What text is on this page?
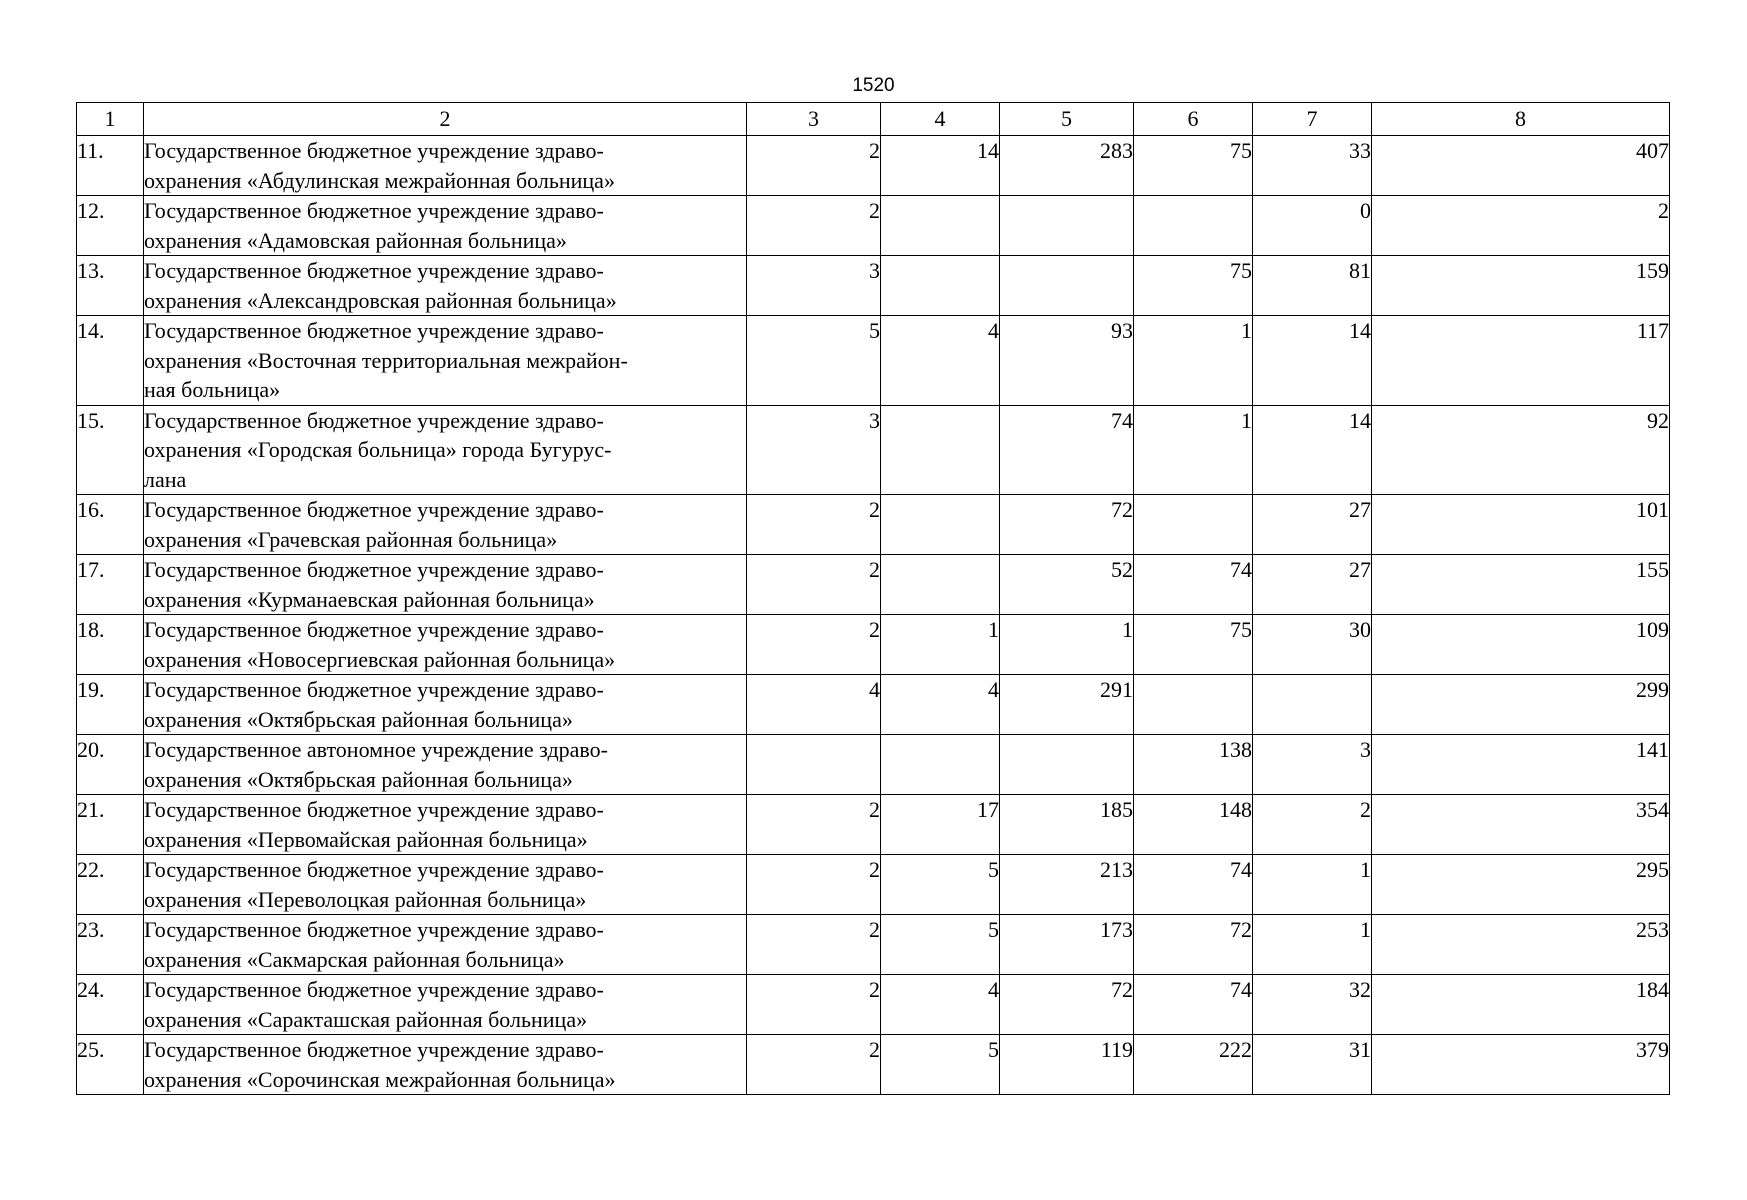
1520
1	2	3	4	5	6	7	8
11.	Государственное бюджетное учреждение здраво-
охранения «Абдулинская межрайонная больница»	2	14	283	75	33	407
12.	Государственное бюджетное учреждение здраво-
охранения «Адамовская районная больница»	2				0	2
13.	Государственное бюджетное учреждение здраво-
охранения «Александровская районная больница»	3			75	81	159
14.	Государственное бюджетное учреждение здраво-
охранения «Восточная территориальная межрайон-
ная больница»	5	4	93	1	14	117
15.	Государственное бюджетное учреждение здраво-
охранения «Городская больница» города Бугурус-
лана	3		74	1	14	92
16.	Государственное бюджетное учреждение здраво-
охранения «Грачевская районная больница»	2		72		27	101
17.	Государственное бюджетное учреждение здраво-
охранения «Курманаевская районная больница»	2		52	74	27	155
18.	Государственное бюджетное учреждение здраво-
охранения «Новосергиевская районная больница»	2	1	1	75	30	109
19.	Государственное бюджетное учреждение здраво-
охранения «Октябрьская районная больница»	4	4	291			299
20.	Государственное автономное учреждение здраво-
охранения «Октябрьская районная больница»				138	3	141
21.	Государственное бюджетное учреждение здраво-
охранения «Первомайская районная больница»	2	17	185	148	2	354
22.	Государственное бюджетное учреждение здраво-
охранения «Переволоцкая районная больница»	2	5	213	74	1	295
23.	Государственное бюджетное учреждение здраво-
охранения «Сакмарская районная больница»	2	5	173	72	1	253
24.	Государственное бюджетное учреждение здраво-
охранения «Саракташская районная больница»	2	4	72	74	32	184
25.	Государственное бюджетное учреждение здраво-
охранения «Сорочинская межрайонная больница»	2	5	119	222	31	379
